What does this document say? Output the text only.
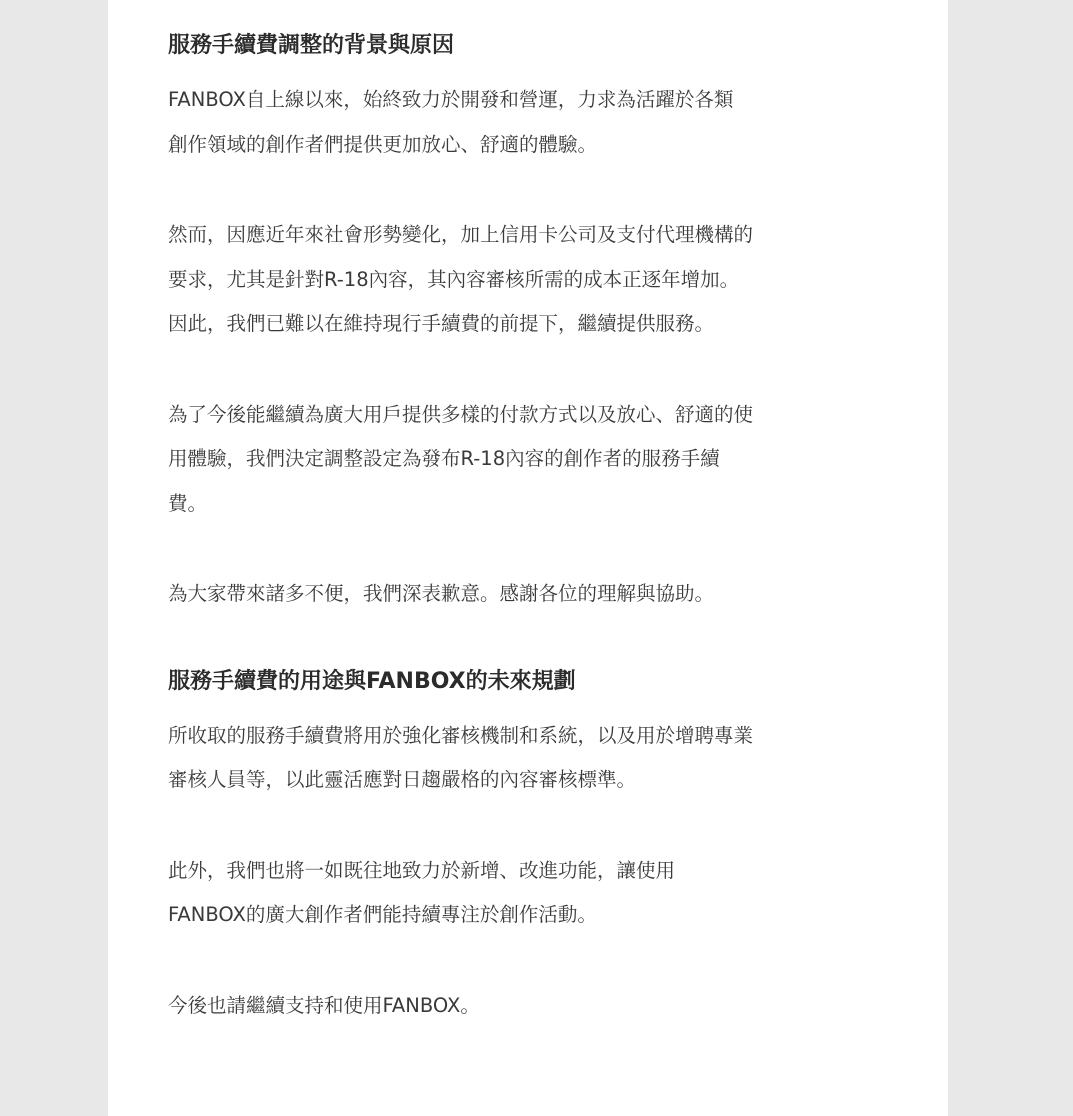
服務手續費調整的背景與原因

FANBOX自上線以來，始終致力於開發和營運，力求為活躍於各類
創作領域的創作者們提供更加放心、舒適的體驗。

然而，因應近年來社會形勢變化，加上信用卡公司及支付代理機構的
要求，尤其是針對R-18內容，其內容審核所需的成本正逐年增加。
因此，我們已難以在維持現行手續費的前提下，繼續提供服務。

為了今後能繼續為廣大用戶提供多樣的付款方式以及放心、舒適的使
用體驗，我們決定調整設定為發布R-18內容的創作者的服務手續
費。

為大家帶來諸多不便，我們深表歉意。感謝各位的理解與協助。

服務手續費的用途與FANBOX的未來規劃

所收取的服務手續費將用於強化審核機制和系統，以及用於增聘專業
審核人員等，以此靈活應對日趨嚴格的內容審核標準。

此外，我們也將一如既往地致力於新增、改進功能，讓使用
FANBOX的廣大創作者們能持續專注於創作活動。

今後也請繼續支持和使用FANBOX。
